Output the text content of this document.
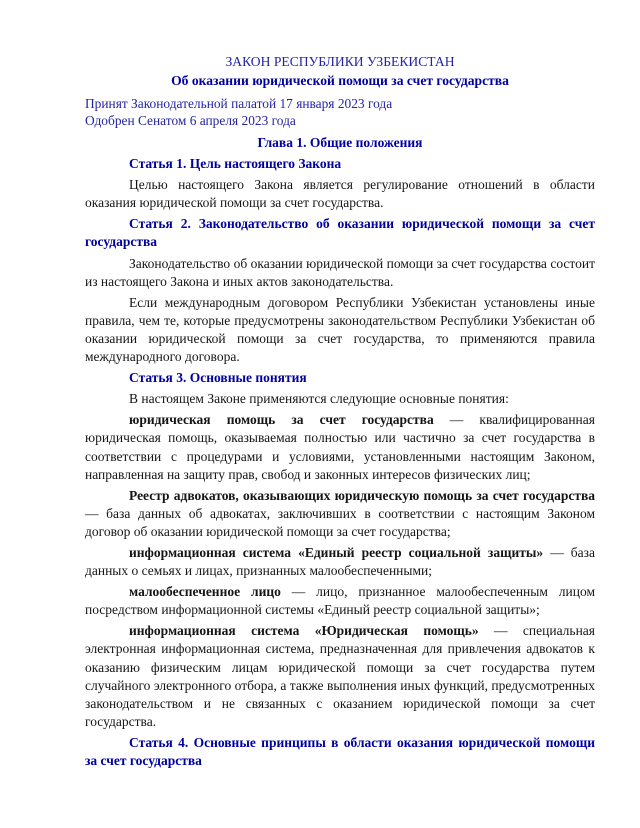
ЗАКОН РЕСПУБЛИКИ УЗБЕКИСТАН
Об оказании юридической помощи за счет государства
Принят Законодательной палатой 17 января 2023 года
Одобрен Сенатом 6 апреля 2023 года
Глава 1. Общие положения
Статья 1. Цель настоящего Закона

Целью настоящего Закона является регулирование отношений в области оказания юридической помощи за счет государства.

Статья 2. Законодательство об оказании юридической помощи за счет государства

Законодательство об оказании юридической помощи за счет государства состоит из настоящего Закона и иных актов законодательства.

Если международным договором Республики Узбекистан установлены иные правила, чем те, которые предусмотрены законодательством Республики Узбекистан об оказании юридической помощи за счет государства, то применяются правила международного договора.

Статья 3. Основные понятия

В настоящем Законе применяются следующие основные понятия:

юридическая помощь за счет государства — квалифицированная юридическая помощь, оказываемая полностью или частично за счет государства в соответствии с процедурами и условиями, установленными настоящим Законом, направленная на защиту прав, свобод и законных интересов физических лиц;

Реестр адвокатов, оказывающих юридическую помощь за счет государства — база данных об адвокатах, заключивших в соответствии с настоящим Законом договор об оказании юридической помощи за счет государства;

информационная система «Единый реестр социальной защиты» — база данных о семьях и лицах, признанных малообеспеченными;

малообеспеченное лицо — лицо, признанное малообеспеченным лицом посредством информационной системы «Единый реестр социальной защиты»;

информационная система «Юридическая помощь» — специальная электронная информационная система, предназначенная для привлечения адвокатов к оказанию физическим лицам юридической помощи за счет государства путем случайного электронного отбора, а также выполнения иных функций, предусмотренных законодательством и не связанных с оказанием юридической помощи за счет государства.

Статья 4. Основные принципы в области оказания юридической помощи за счет государства
